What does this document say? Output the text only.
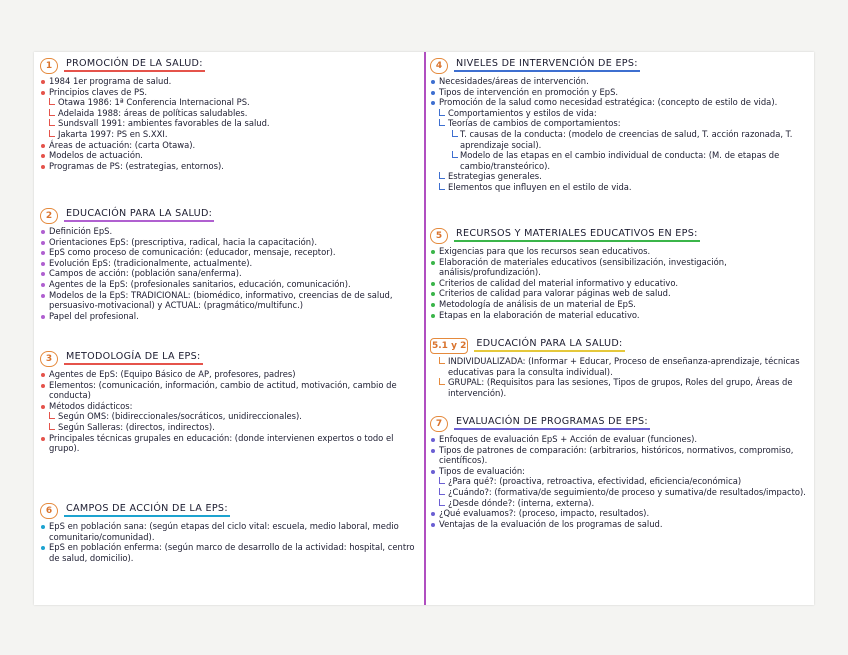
1	PROMOCIÓN DE LA SALUD:
1984 1er programa de salud.
Principios claves de PS.
Otawa 1986: 1ª Conferencia Internacional PS.
Adelaida 1988: áreas de políticas saludables.
Sundsvall 1991: ambientes favorables de la salud.
Jakarta 1997: PS en S.XXI.
Áreas de actuación: (carta Otawa).
Modelos de actuación.
Programas de PS: (estrategias, entornos).
2	EDUCACIÓN PARA LA SALUD:
Definición EpS.
Orientaciones EpS: (prescriptiva, radical, hacia la capacitación).
EpS como proceso de comunicación: (educador, mensaje, receptor).
Evolución EpS: (tradicionalmente, actualmente).
Campos de acción: (población sana/enferma).
Agentes de la EpS: (profesionales sanitarios, educación, comunicación).
Modelos de la EpS: TRADICIONAL: (biomédico, informativo, creencias de de salud, persuasivo-motivacional) y ACTUAL: (pragmático/multifunc.)
Papel del profesional.
3	METODOLOGÍA DE LA EPS:
Agentes de EpS: (Equipo Básico de AP, profesores, padres)
Elementos: (comunicación, información, cambio de actitud, motivación, cambio de conducta)
Métodos didácticos:
Según OMS: (bidireccionales/socráticos, unidireccionales).
Según Salleras: (directos, indirectos).
Principales técnicas grupales en educación: (donde intervienen expertos o todo el grupo).
6	CAMPOS DE ACCIÓN DE LA EPS:
EpS en población sana: (según etapas del ciclo vital: escuela, medio laboral, medio comunitario/comunidad).
EpS en población enferma: (según marco de desarrollo de la actividad: hospital, centro de salud, domicilio).
4	NIVELES DE INTERVENCIÓN DE EPS:
Necesidades/áreas de intervención.
Tipos de intervención en promoción y EpS.
Promoción de la salud como necesidad estratégica: (concepto de estilo de vida).
Comportamientos y estilos de vida:
Teorías de cambios de comportamientos:
T. causas de la conducta: (modelo de creencias de salud, T. acción razonada, T. aprendizaje social).
Modelo de las etapas en el cambio individual de conducta: (M. de etapas de cambio/transteórico).
Estrategias generales.
Elementos que influyen en el estilo de vida.
5	RECURSOS Y MATERIALES EDUCATIVOS EN EPS:
Exigencias para que los recursos sean educativos.
Elaboración de materiales educativos (sensibilización, investigación, análisis/profundización).
Criterios de calidad del material informativo y educativo.
Criterios de calidad para valorar páginas web de salud.
Metodología de análisis de un material de EpS.
Etapas en la elaboración de material educativo.
5.1 y 2 EDUCACIÓN PARA LA SALUD:
INDIVIDUALIZADA: (Informar + Educar, Proceso de enseñanza-aprendizaje, técnicas educativas para la consulta individual).
GRUPAL: (Requisitos para las sesiones, Tipos de grupos, Roles del grupo, Áreas de intervención).
7	EVALUACIÓN DE PROGRAMAS DE EPS:
Enfoques de evaluación EpS + Acción de evaluar (funciones).
Tipos de patrones de comparación: (arbitrarios, históricos, normativos, compromiso, científicos).
Tipos de evaluación:
¿Para qué?: (proactiva, retroactiva, efectividad, eficiencia/económica)
¿Cuándo?: (formativa/de seguimiento/de proceso y sumativa/de resultados/impacto).
¿Desde dónde?: (interna, externa).
¿Qué evaluamos?: (proceso, impacto, resultados).
Ventajas de la evaluación de los programas de salud.
